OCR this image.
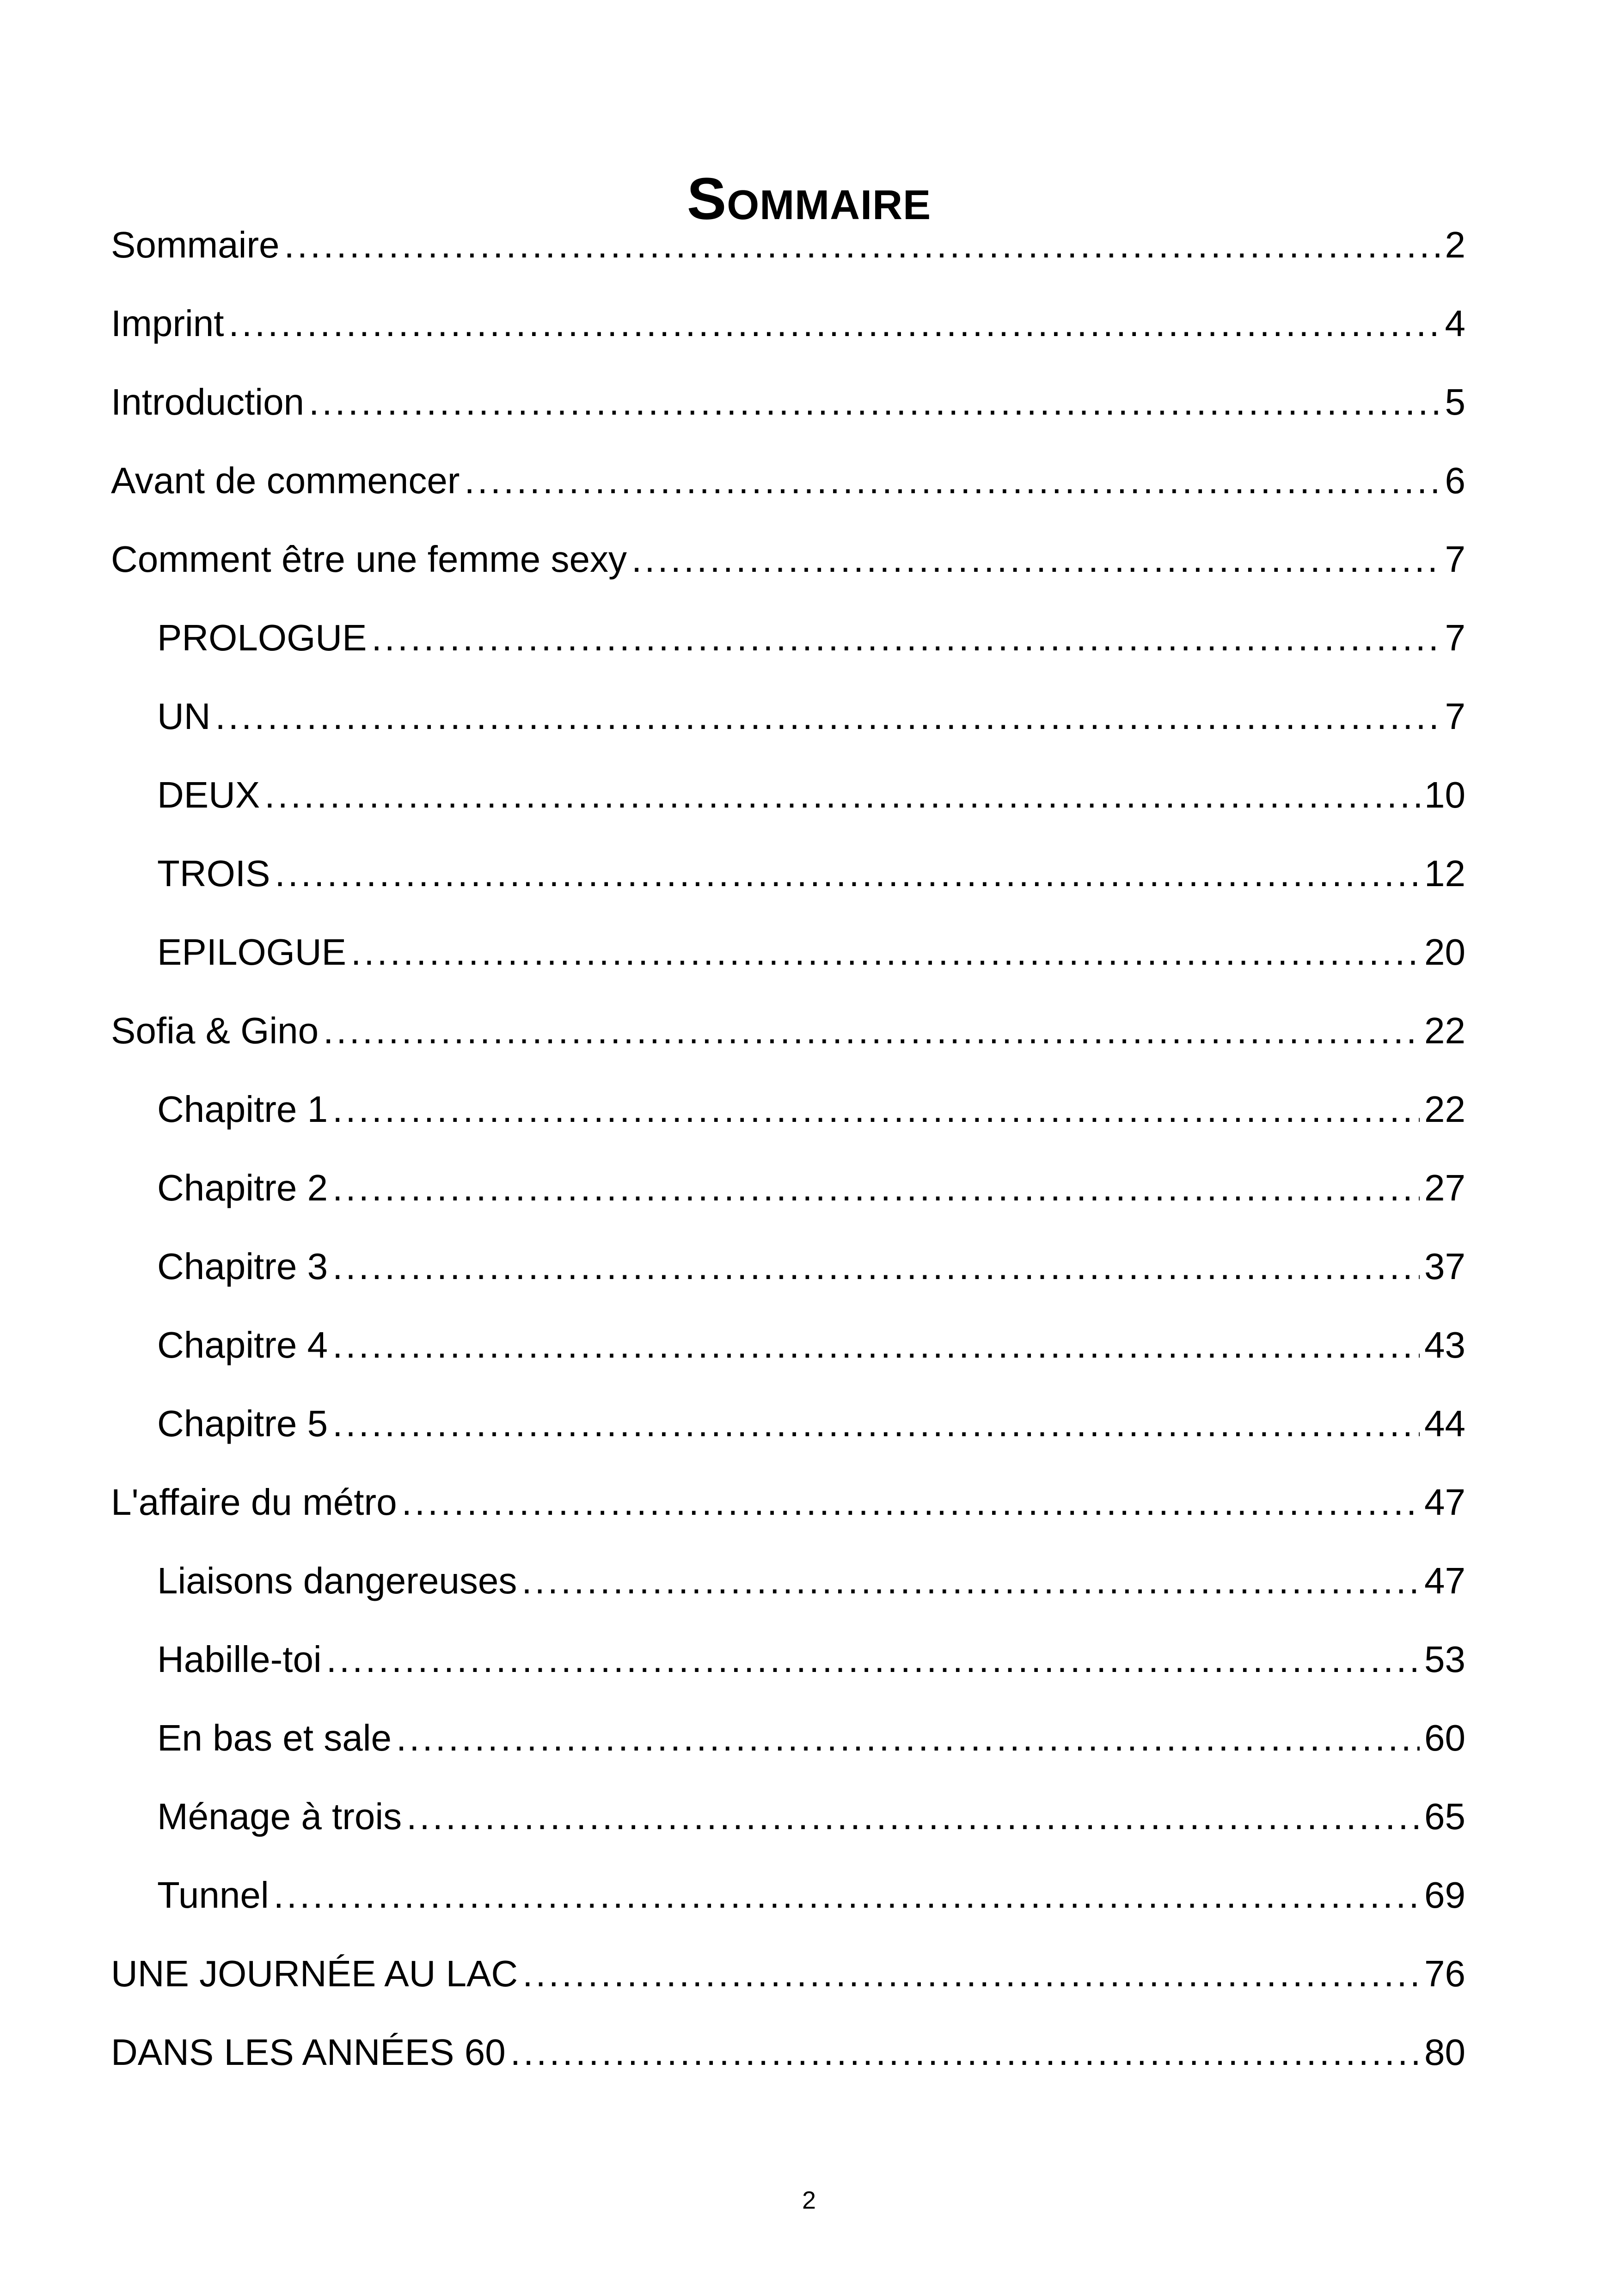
Sommaire
Sommaire .....	2
Imprint .....	4
Introduction .....	5
Avant de commencer .....	6
Comment être une femme sexy .....	7
PROLOGUE .....	7
UN .....	7
DEUX .....	10
TROIS .....	12
EPILOGUE .....	20
Sofia & Gino .....	22
Chapitre 1 .....	22
Chapitre 2 .....	27
Chapitre 3 .....	37
Chapitre 4 .....	43
Chapitre 5 .....	44
L'affaire du métro .....	47
Liaisons dangereuses .....	47
Habille-toi .....	53
En bas et sale .....	60
Ménage à trois .....	65
Tunnel .....	69
UNE JOURNÉE AU LAC .....	76
DANS LES ANNÉES 60 .....	80
2
